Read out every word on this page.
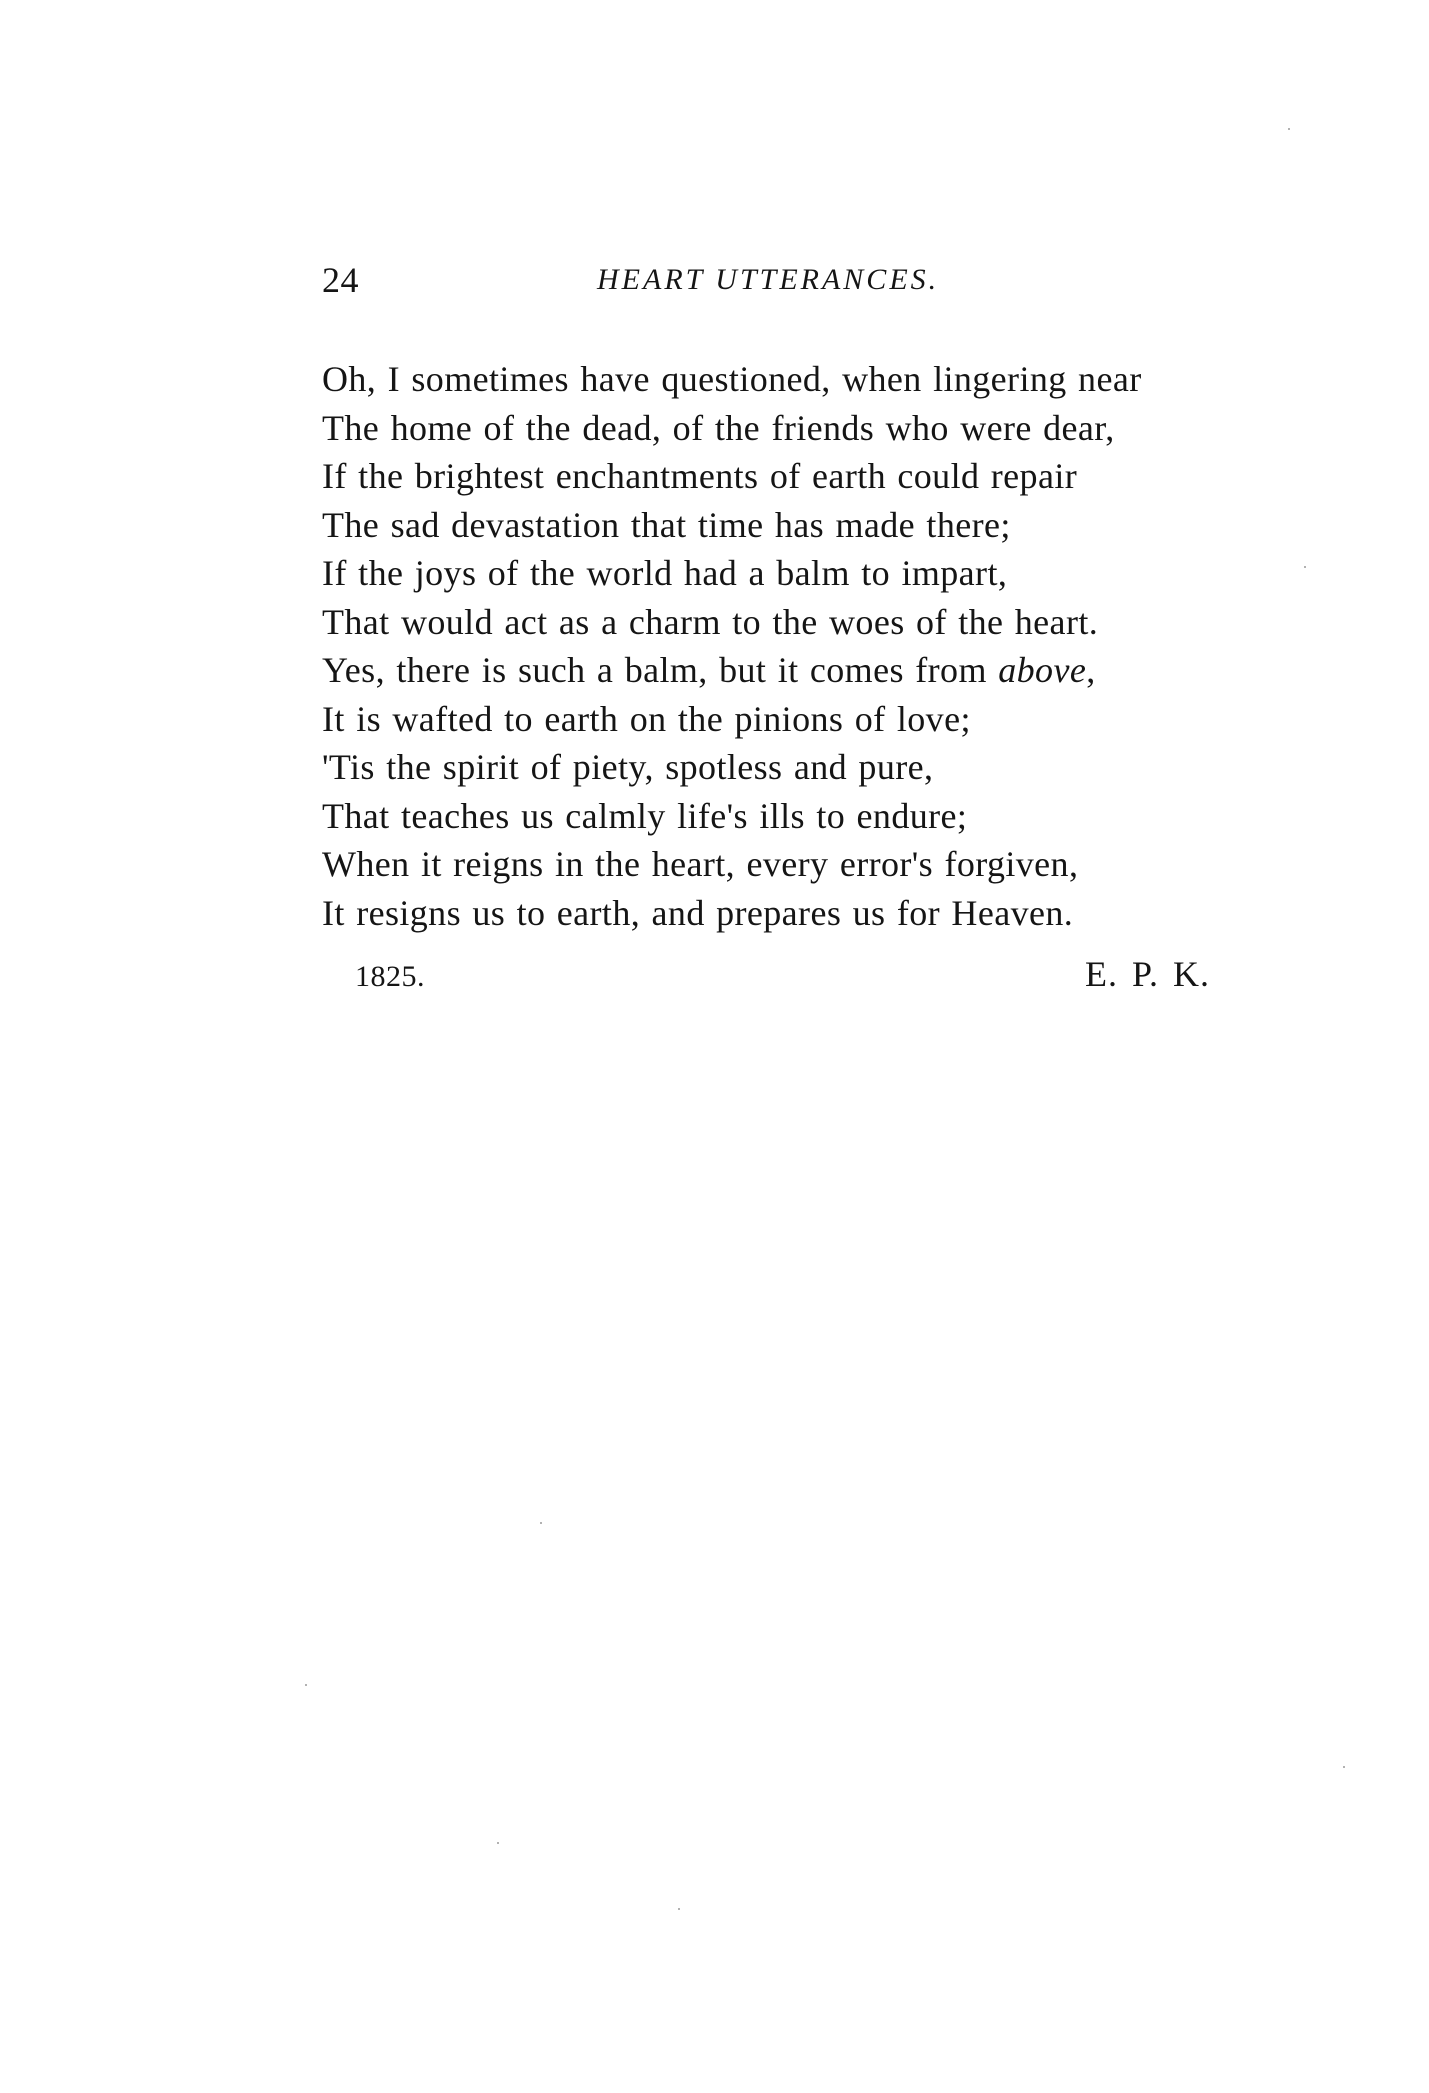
24	HEART UTTERANCES.
Oh, I sometimes have questioned, when lingering near
The home of the dead, of the friends who were dear,
If the brightest enchantments of earth could repair
The sad devastation that time has made there;
If the joys of the world had a balm to impart,
That would act as a charm to the woes of the heart.
Yes, there is such a balm, but it comes from above,
It is wafted to earth on the pinions of love;
'Tis the spirit of piety, spotless and pure,
That teaches us calmly life's ills to endure;
When it reigns in the heart, every error's forgiven,
It resigns us to earth, and prepares us for Heaven.
1825.	E. P. K.
